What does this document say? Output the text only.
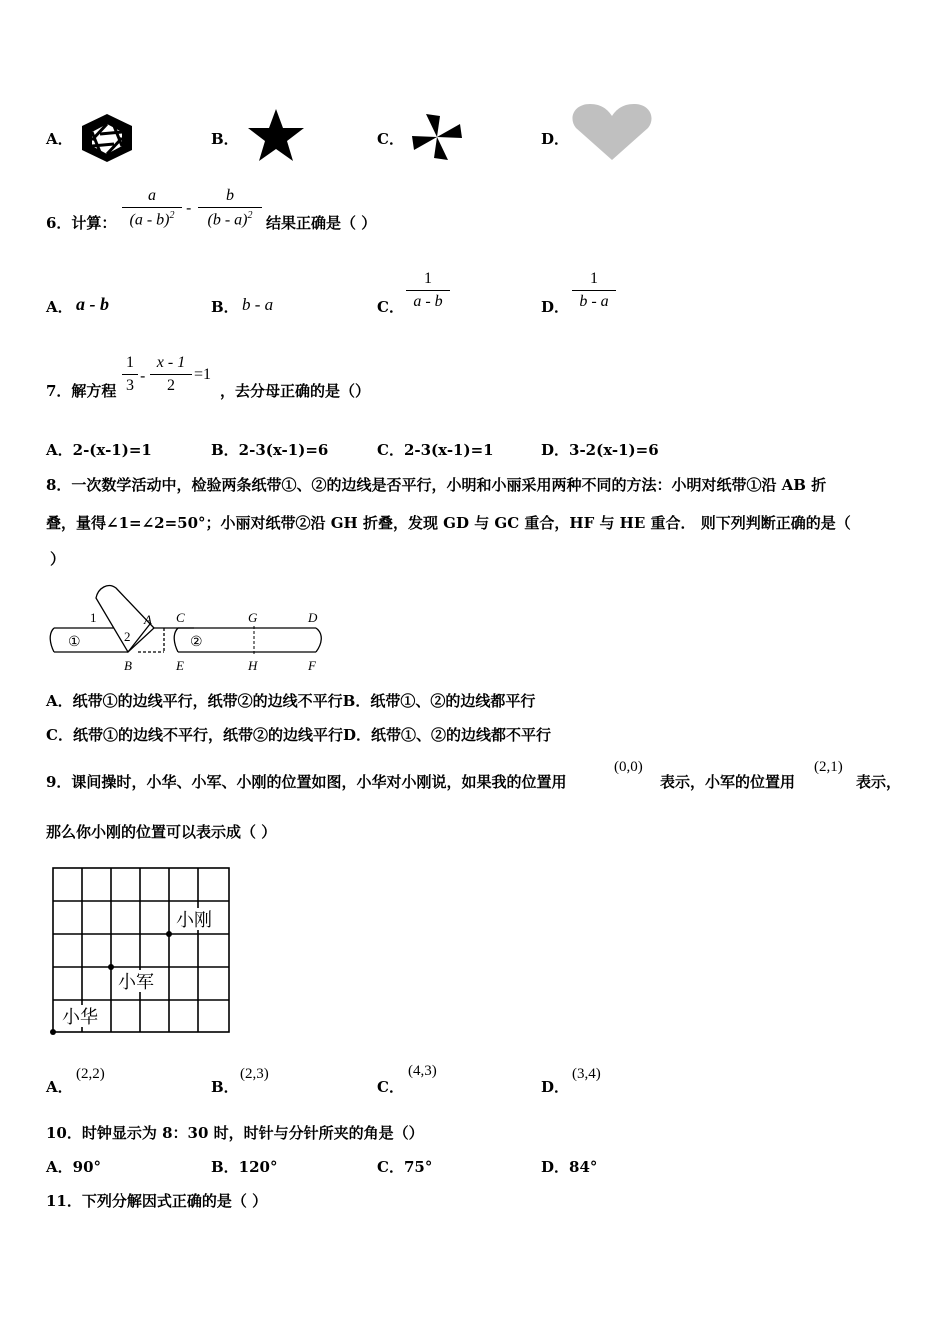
A．	B．	C．	D．
6．计算：
a
(a - b)$^2$ -
b
(b - a)$^2$ 结果正确是（ ）
A． a - b	B． b - a	C．
1
a - b	D．
1
b - a
7．解方程
1
3
-
x - 1
2
=1
，去分母正确的是（）
A．2-(x-1)=1	B．2-3(x-1)=6	C．2-3(x-1)=1	D．3-2(x-1)=6
8．一次数学活动中，检验两条纸带①、②的边线是否平行，小明和小丽采用两种不同的方法：小明对纸带①沿 AB 折
叠，量得∠1=∠2=50°；小丽对纸带②沿 GH 折叠，发现 GD 与 GC 重合，HF 与 HE 重合． 则下列判断正确的是（
）
1
2
A
B
①
C	G	D
E	H	F
②
A．纸带①的边线平行，纸带②的边线不平行B．纸带①、②的边线都平行
C．纸带①的边线不平行，纸带②的边线平行D．纸带①、②的边线都不平行
9．课间操时，小华、小军、小刚的位置如图，小华对小刚说，如果我的位置用
(0,0)
表示，小军的位置用
(2,1)
表示，
那么你小刚的位置可以表示成（ ）
小刚
小军
小华
A．
(2,2)
B．
(2,3)
C．
(4,3)
D．
(3,4)
10．时钟显示为 8：30 时，时针与分针所夹的角是（）
A．90°	B．120°	C．75°	D．84°
11．下列分解因式正确的是（ ）
